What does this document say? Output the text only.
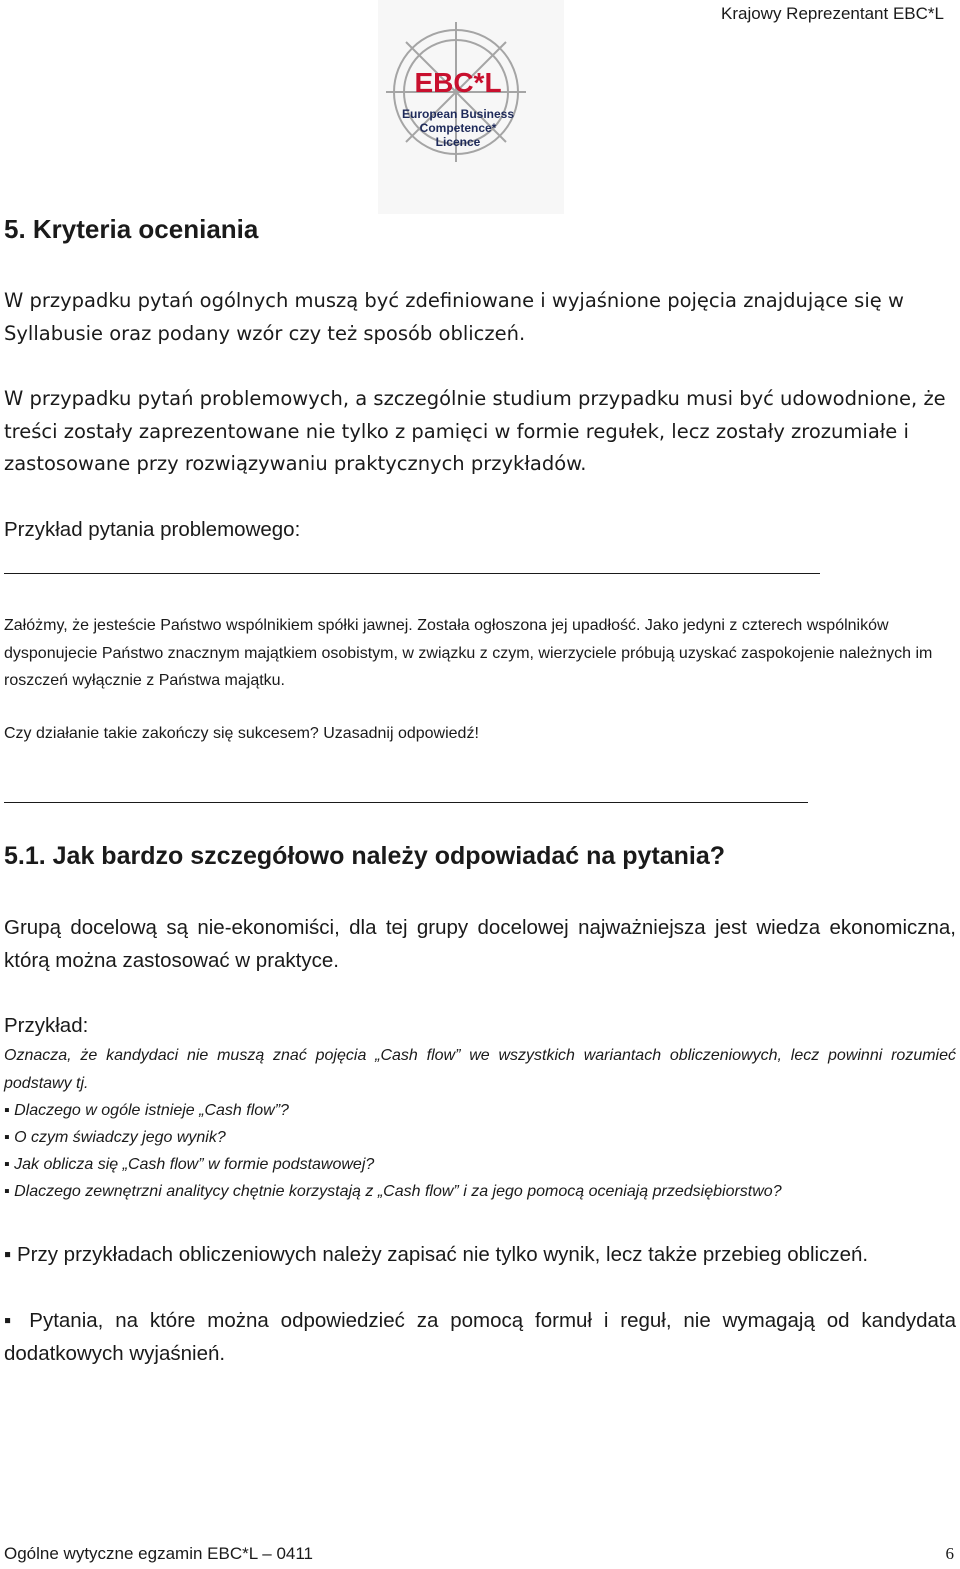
Krajowy Reprezentant EBC*L
EBC*L
European Business
Competence*
Licence
5. Kryteria oceniania
W przypadku pytań ogólnych muszą być zdefiniowane i wyjaśnione pojęcia znajdujące się w Syllabusie oraz podany wzór czy też sposób obliczeń.
W przypadku pytań problemowych, a szczególnie studium przypadku musi być udowodnione, że treści zostały zaprezentowane nie tylko z pamięci w formie regułek, lecz zostały zrozumiałe i zastosowane przy rozwiązywaniu praktycznych przykładów.
Przykład pytania problemowego:
Załóżmy, że jesteście Państwo wspólnikiem spółki jawnej. Została ogłoszona jej upadłość. Jako jedyni z czterech wspólników dysponujecie Państwo znacznym majątkiem osobistym, w związku z czym, wierzyciele próbują uzyskać zaspokojenie należnych im roszczeń wyłącznie z Państwa majątku.
Czy działanie takie zakończy się sukcesem? Uzasadnij odpowiedź!
5.1. Jak bardzo szczegółowo należy odpowiadać na pytania?
Grupą docelową są nie-ekonomiści, dla tej grupy docelowej najważniejsza jest wiedza ekonomiczna, którą można zastosować w praktyce.
Przykład:
Oznacza, że kandydaci nie muszą znać pojęcia „Cash flow” we wszystkich wariantach obliczeniowych, lecz powinni rozumieć podstawy tj.
▪ Dlaczego w ogóle istnieje „Cash flow”?
▪ O czym świadczy jego wynik?
▪ Jak oblicza się „Cash flow” w formie podstawowej?
▪ Dlaczego zewnętrzni analitycy chętnie korzystają z „Cash flow” i za jego pomocą oceniają przedsiębiorstwo?
▪ Przy przykładach obliczeniowych należy zapisać nie tylko wynik, lecz także przebieg obliczeń.
▪ Pytania, na które można odpowiedzieć za pomocą formuł i reguł, nie wymagają od kandydata dodatkowych wyjaśnień.
Ogólne wytyczne egzamin EBC*L – 0411	6
